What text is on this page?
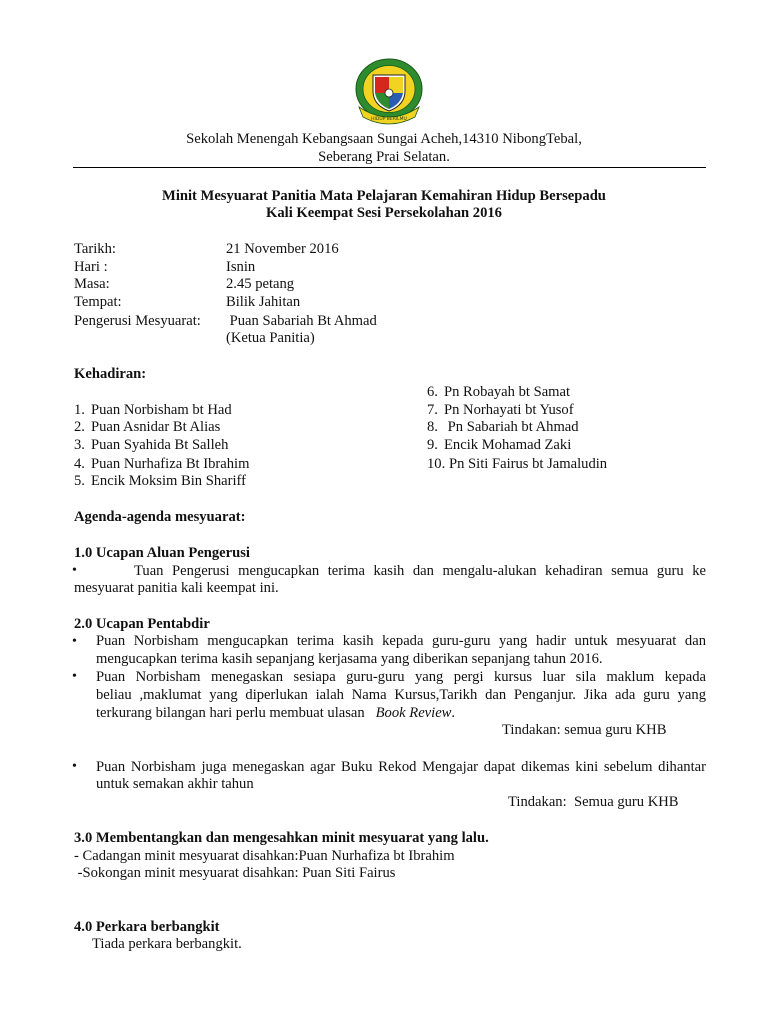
HIDUP BERILMU
Sekolah Menengah Kebangsaan Sungai Acheh,14310 NibongTebal,
Seberang Prai Selatan.
Minit Mesyuarat Panitia Mata Pelajaran Kemahiran Hidup Bersepadu
Kali Keempat Sesi Persekolahan 2016
Tarikh:	21 November 2016
Hari :	Isnin
Masa:	2.45 petang
Tempat:	Bilik Jahitan
Pengerusi Mesyuarat: Puan Sabariah Bt Ahmad
(Ketua Panitia)
Kehadiran:
1. Puan Norbisham bt Had
2. Puan Asnidar Bt Alias
3. Puan Syahida Bt Salleh
4. Puan Nurhafiza Bt Ibrahim
5. Encik Moksim Bin Shariff
6. Pn Robayah bt Samat
7. Pn Norhayati bt Yusof
8. Pn Sabariah bt Ahmad
9. Encik Mohamad Zaki
10. Pn Siti Fairus bt Jamaludin
Agenda-agenda mesyuarat:
1.0 Ucapan Aluan Pengerusi
•	Tuan Pengerusi mengucapkan terima kasih dan mengalu-alukan kehadiran semua guru ke
mesyuarat panitia kali keempat ini.
2.0 Ucapan Pentabdir
• Puan Norbisham mengucapkan terima kasih kepada guru-guru yang hadir untuk mesyuarat dan
mengucapkan terima kasih sepanjang kerjasama yang diberikan sepanjang tahun 2016.
• Puan Norbisham menegaskan sesiapa guru-guru yang pergi kursus luar sila maklum kepada
beliau ,maklumat yang diperlukan ialah Nama Kursus,Tarikh dan Penganjur. Jika ada guru yang
terkurang bilangan hari perlu membuat ulasan Book Review.
Tindakan: semua guru KHB
• Puan Norbisham juga menegaskan agar Buku Rekod Mengajar dapat dikemas kini sebelum dihantar
untuk semakan akhir tahun
Tindakan:  Semua guru KHB
3.0 Membentangkan dan mengesahkan minit mesyuarat yang lalu.
- Cadangan minit mesyuarat disahkan:Puan Nurhafiza bt Ibrahim
-Sokongan minit mesyuarat disahkan: Puan Siti Fairus
4.0 Perkara berbangkit
Tiada perkara berbangkit.
